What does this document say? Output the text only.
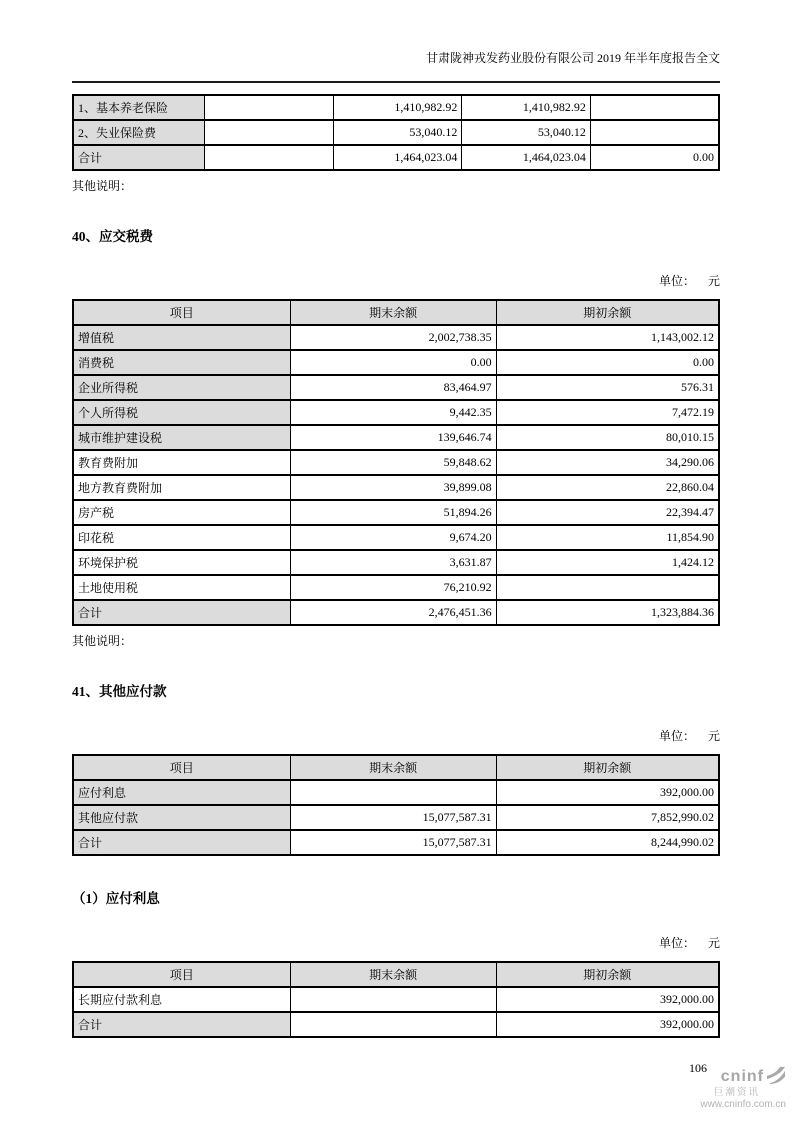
甘肃陇神戎发药业股份有限公司 2019 年半年度报告全文
1、基本养老保险		1,410,982.92	1,410,982.92	
2、失业保险费		53,040.12	53,040.12	
合计		1,464,023.04	1,464,023.04	0.00
其他说明：
40、应交税费
单位： 元
项目	期末余额	期初余额
增值税	2,002,738.35	1,143,002.12
消费税	0.00	0.00
企业所得税	83,464.97	576.31
个人所得税	9,442.35	7,472.19
城市维护建设税	139,646.74	80,010.15
教育费附加	59,848.62	34,290.06
地方教育费附加	39,899.08	22,860.04
房产税	51,894.26	22,394.47
印花税	9,674.20	11,854.90
环境保护税	3,631.87	1,424.12
土地使用税	76,210.92	
合计	2,476,451.36	1,323,884.36
其他说明：
41、其他应付款
单位： 元
项目	期末余额	期初余额
应付利息		392,000.00
其他应付款	15,077,587.31	7,852,990.02
合计	15,077,587.31	8,244,990.02
（1）应付利息
单位： 元
项目	期末余额	期初余额
长期应付款利息		392,000.00
合计		392,000.00
106 cninf
巨潮资讯
www.cninfo.com.cn
